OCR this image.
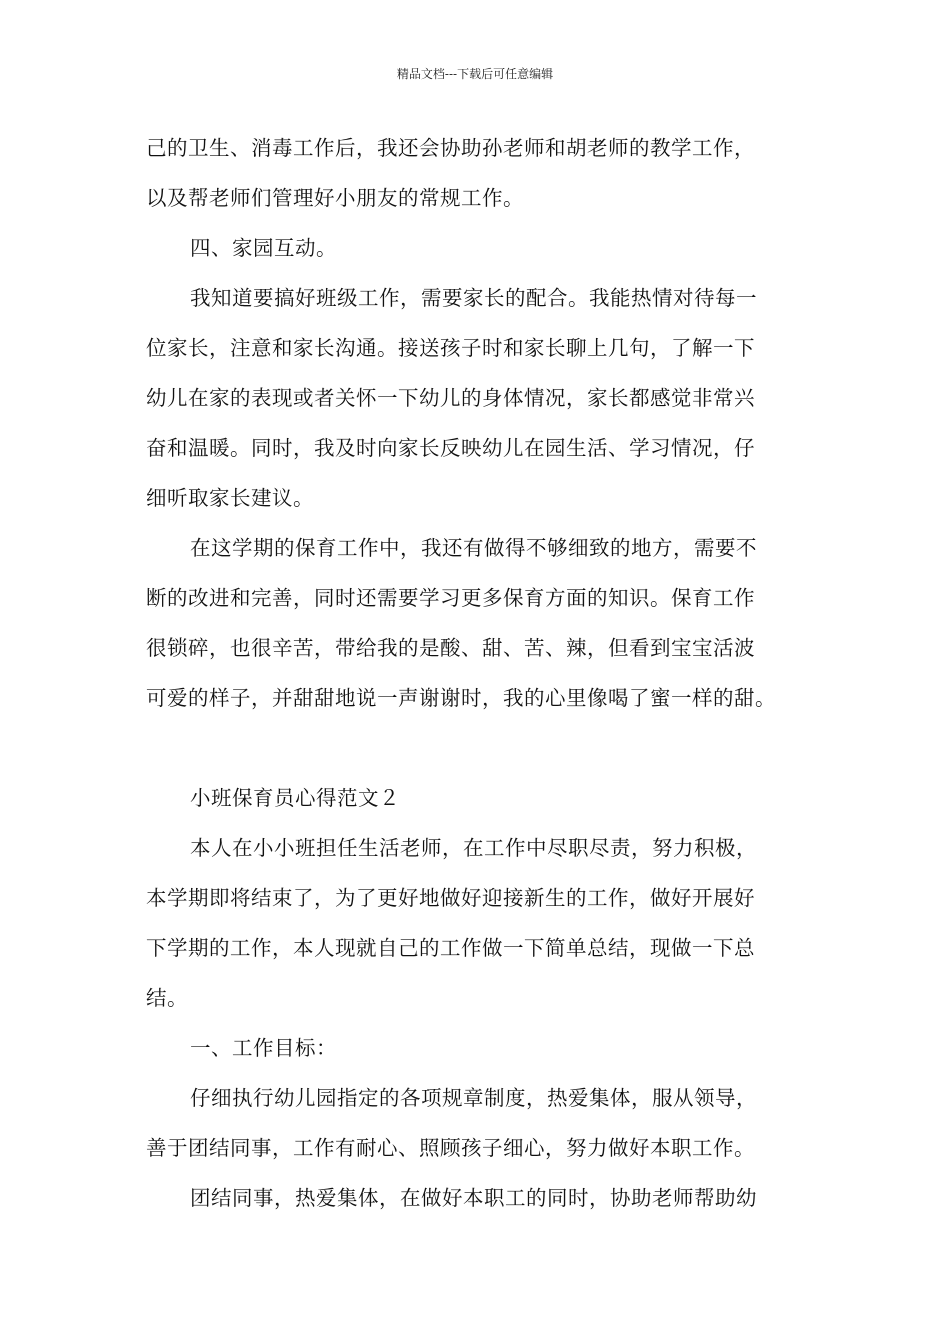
精品文档---下载后可任意编辑
己的卫生、消毒工作后，我还会协助孙老师和胡老师的教学工作，
以及帮老师们管理好小朋友的常规工作。
四、家园互动。
我知道要搞好班级工作，需要家长的配合。我能热情对待每一
位家长，注意和家长沟通。接送孩子时和家长聊上几句，了解一下
幼儿在家的表现或者关怀一下幼儿的身体情况，家长都感觉非常兴
奋和温暖。同时，我及时向家长反映幼儿在园生活、学习情况，仔
细听取家长建议。
在这学期的保育工作中，我还有做得不够细致的地方，需要不
断的改进和完善，同时还需要学习更多保育方面的知识。保育工作
很锁碎，也很辛苦，带给我的是酸、甜、苦、辣，但看到宝宝活波
可爱的样子，并甜甜地说一声谢谢时，我的心里像喝了蜜一样的甜。
小班保育员心得范文２
本人在小小班担任生活老师，在工作中尽职尽责，努力积极，
本学期即将结束了，为了更好地做好迎接新生的工作，做好开展好
下学期的工作，本人现就自己的工作做一下简单总结，现做一下总
结。
一、工作目标：
仔细执行幼儿园指定的各项规章制度，热爱集体，服从领导，
善于团结同事，工作有耐心、照顾孩子细心，努力做好本职工作。
团结同事，热爱集体，在做好本职工的同时，协助老师帮助幼
